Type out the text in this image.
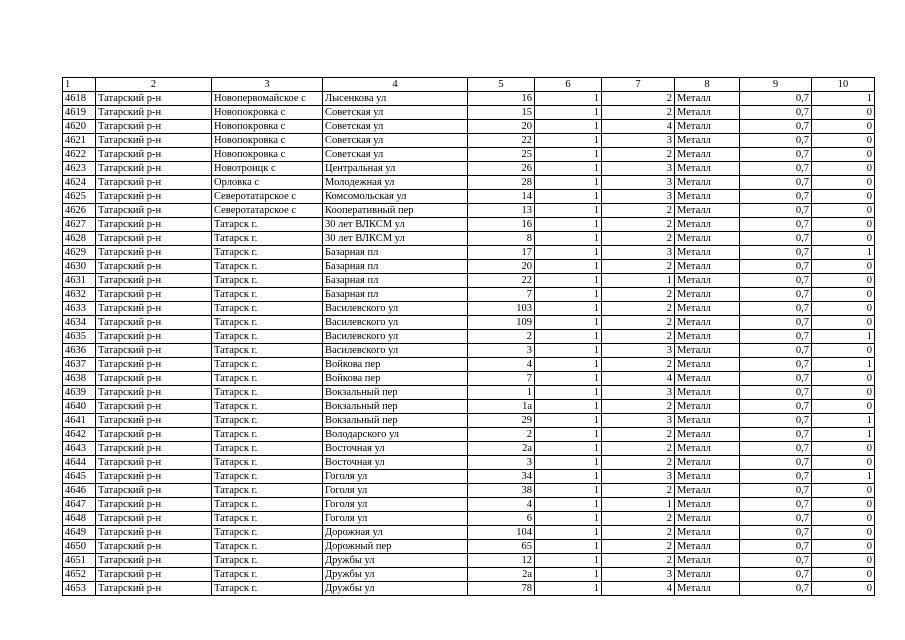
1	2	3	4	5	6	7	8	9	10
4618	Татарский р-н	Новопервомайское с	Лысенкова ул	16	1	2	Металл	0,7	1
4619	Татарский р-н	Новопокровка с	Советская ул	15	1	2	Металл	0,7	0
4620	Татарский р-н	Новопокровка с	Советская ул	20	1	4	Металл	0,7	0
4621	Татарский р-н	Новопокровка с	Советская ул	22	1	3	Металл	0,7	0
4622	Татарский р-н	Новопокровка с	Советская ул	25	1	2	Металл	0,7	0
4623	Татарский р-н	Новотроицк с	Центральная ул	26	1	3	Металл	0,7	0
4624	Татарский р-н	Орловка с	Молодежная ул	28	1	3	Металл	0,7	0
4625	Татарский р-н	Северотатарское с	Комсомольская ул	14	1	3	Металл	0,7	0
4626	Татарский р-н	Северотатарское с	Кооперативный пер	13	1	2	Металл	0,7	0
4627	Татарский р-н	Татарск г.	30 лет ВЛКСМ ул	16	1	2	Металл	0,7	0
4628	Татарский р-н	Татарск г.	30 лет ВЛКСМ ул	8	1	2	Металл	0,7	0
4629	Татарский р-н	Татарск г.	Базарная пл	17	1	3	Металл	0,7	1
4630	Татарский р-н	Татарск г.	Базарная пл	20	1	2	Металл	0,7	0
4631	Татарский р-н	Татарск г.	Базарная пл	22	1	1	Металл	0,7	0
4632	Татарский р-н	Татарск г.	Базарная пл	7	1	2	Металл	0,7	0
4633	Татарский р-н	Татарск г.	Василевского ул	103	1	2	Металл	0,7	0
4634	Татарский р-н	Татарск г.	Василевского ул	109	1	2	Металл	0,7	0
4635	Татарский р-н	Татарск г.	Василевского ул	2	1	2	Металл	0,7	1
4636	Татарский р-н	Татарск г.	Василевского ул	3	1	3	Металл	0,7	0
4637	Татарский р-н	Татарск г.	Войкова пер	4	1	2	Металл	0,7	1
4638	Татарский р-н	Татарск г.	Войкова пер	7	1	4	Металл	0,7	0
4639	Татарский р-н	Татарск г.	Вокзальный пер	1	1	3	Металл	0,7	0
4640	Татарский р-н	Татарск г.	Вокзальный пер	1а	1	2	Металл	0,7	0
4641	Татарский р-н	Татарск г.	Вокзальный пер	29	1	3	Металл	0,7	1
4642	Татарский р-н	Татарск г.	Володарского ул	2	1	2	Металл	0,7	1
4643	Татарский р-н	Татарск г.	Восточная ул	2а	1	2	Металл	0,7	0
4644	Татарский р-н	Татарск г.	Восточная ул	3	1	2	Металл	0,7	0
4645	Татарский р-н	Татарск г.	Гоголя ул	34	1	3	Металл	0,7	1
4646	Татарский р-н	Татарск г.	Гоголя ул	38	1	2	Металл	0,7	0
4647	Татарский р-н	Татарск г.	Гоголя ул	4	1	1	Металл	0,7	0
4648	Татарский р-н	Татарск г.	Гоголя ул	6	1	2	Металл	0,7	0
4649	Татарский р-н	Татарск г.	Дорожная ул	104	1	2	Металл	0,7	0
4650	Татарский р-н	Татарск г.	Дорожный пер	65	1	2	Металл	0,7	0
4651	Татарский р-н	Татарск г.	Дружбы ул	12	1	2	Металл	0,7	0
4652	Татарский р-н	Татарск г.	Дружбы ул	2а	1	3	Металл	0,7	0
4653	Татарский р-н	Татарск г.	Дружбы ул	78	1	4	Металл	0,7	0
